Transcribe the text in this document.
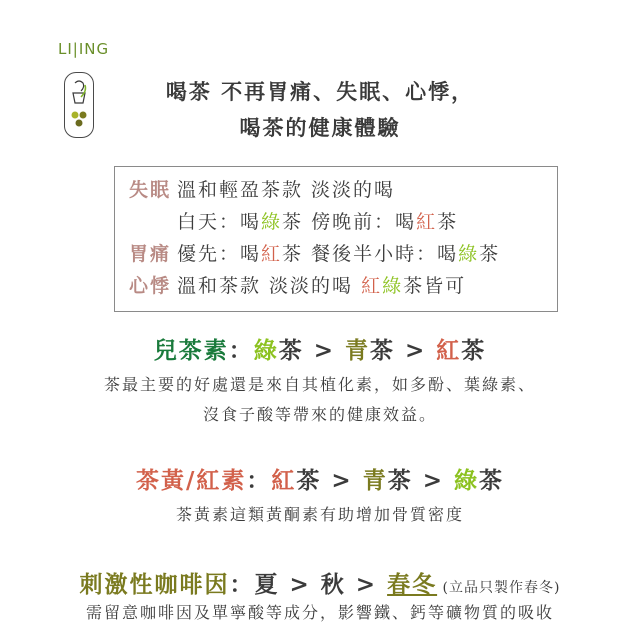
LI|ING
喝茶 不再胃痛、失眠、心悸，
喝茶的健康體驗
失眠 溫和輕盈茶款 淡淡的喝
白天：喝綠茶 傍晚前：喝紅茶
胃痛 優先：喝紅茶 餐後半小時：喝綠茶
心悸 溫和茶款 淡淡的喝 紅綠茶皆可
兒茶素：綠茶 > 青茶 > 紅茶
茶最主要的好處還是來自其植化素，如多酚、葉綠素、
沒食子酸等帶來的健康效益。
茶黃/紅素：紅茶 > 青茶 > 綠茶
茶黃素這類黃酮素有助增加骨質密度
刺激性咖啡因：夏 > 秋 > 春冬 (立品只製作春冬)
需留意咖啡因及單寧酸等成分，影響鐵、鈣等礦物質的吸收
